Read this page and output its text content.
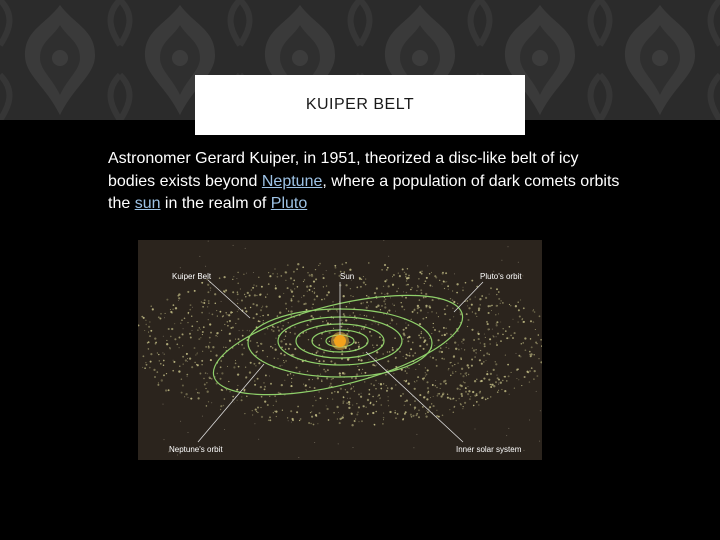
KUIPER BELT
Astronomer Gerard Kuiper, in 1951, theorized a disc-like belt of icy bodies exists beyond Neptune, where a population of dark comets orbits the sun in the realm of Pluto
Kuiper Belt	Sun	Pluto's orbit
Neptune's orbit	Inner solar system
